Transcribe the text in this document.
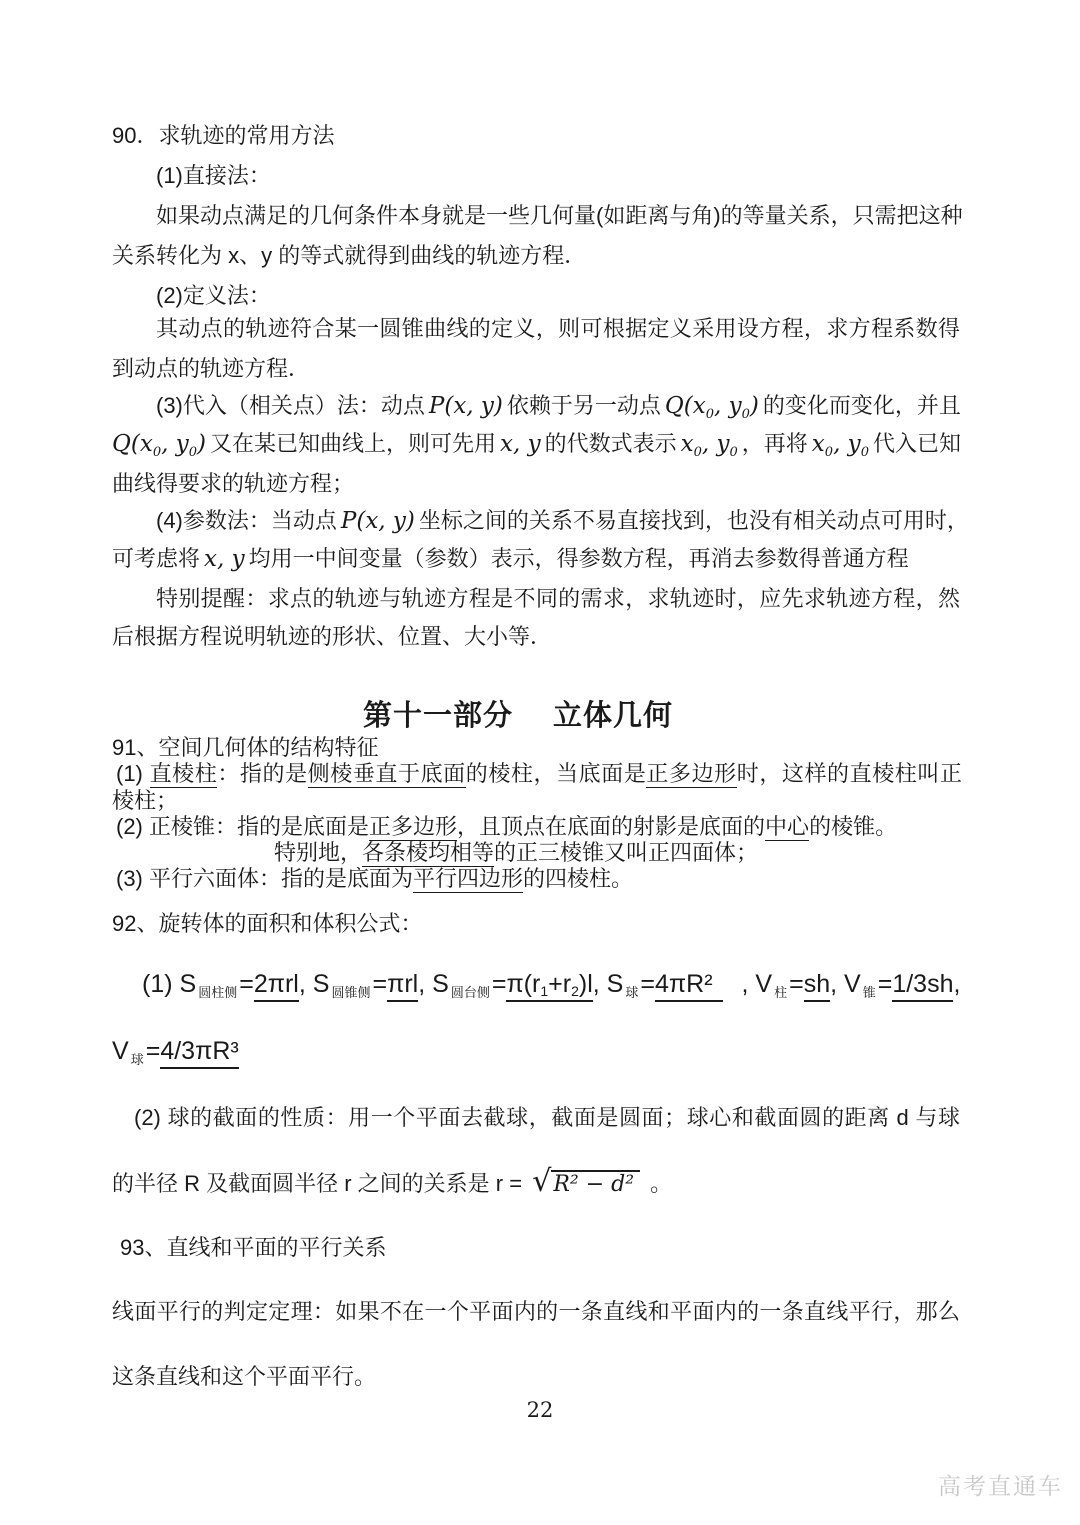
90．求轨迹的常用方法
(1)直接法：
如果动点满足的几何条件本身就是一些几何量(如距离与角)的等量关系，只需把这种
关系转化为 x、y 的等式就得到曲线的轨迹方程．
(2)定义法：
其动点的轨迹符合某一圆锥曲线的定义，则可根据定义采用设方程，求方程系数得
到动点的轨迹方程．
(3)代入（相关点）法：动点 P(x, y) 依赖于另一动点 $Q(x_0$, $y_0$) 的变化而变化，并且
$Q(x_0$, $y_0$) 又在某已知曲线上，则可先用 x, y 的代数式表示 $x_0$, $y_0$ ，再将 $x_0$, $y_0$ 代入已知
曲线得要求的轨迹方程；
(4)参数法：当动点 P(x, y) 坐标之间的关系不易直接找到，也没有相关动点可用时，
可考虑将 x, y 均用一中间变量（参数）表示，得参数方程，再消去参数得普通方程
特别提醒：求点的轨迹与轨迹方程是不同的需求，求轨迹时，应先求轨迹方程，然
后根据方程说明轨迹的形状、位置、大小等．
第十一部分 立体几何
91、空间几何体的结构特征
(1) 直棱柱：指的是侧棱垂直于底面的棱柱，当底面是正多边形时，这样的直棱柱叫正
棱柱；
(2) 正棱锥：指的是底面是正多边形，且顶点在底面的射影是底面的中心的棱锥。
特别地，各条棱均相等的正三棱锥又叫正四面体；
(3) 平行六面体：指的是底面为平行四边形的四棱柱。
92、旋转体的面积和体积公式：
(1) S $_{圆柱侧}$=2πrl, S $_{圆锥侧}$=πrl, S $_{圆台侧}=\pi(r_1+r_2)l$, S $_球$=4πR² , V $_柱$=sh, V $_锥$=1/3sh,
V $_球$=4/3πR³
(2) 球的截面的性质：用一个平面去截球，截面是圆面；球心和截面圆的距离 d 与球
的半径 R 及截面圆半径 r 之间的关系是 r = √R² − d² 。
93、直线和平面的平行关系
线面平行的判定定理：如果不在一个平面内的一条直线和平面内的一条直线平行，那么
这条直线和这个平面平行。
22
高考直通车
